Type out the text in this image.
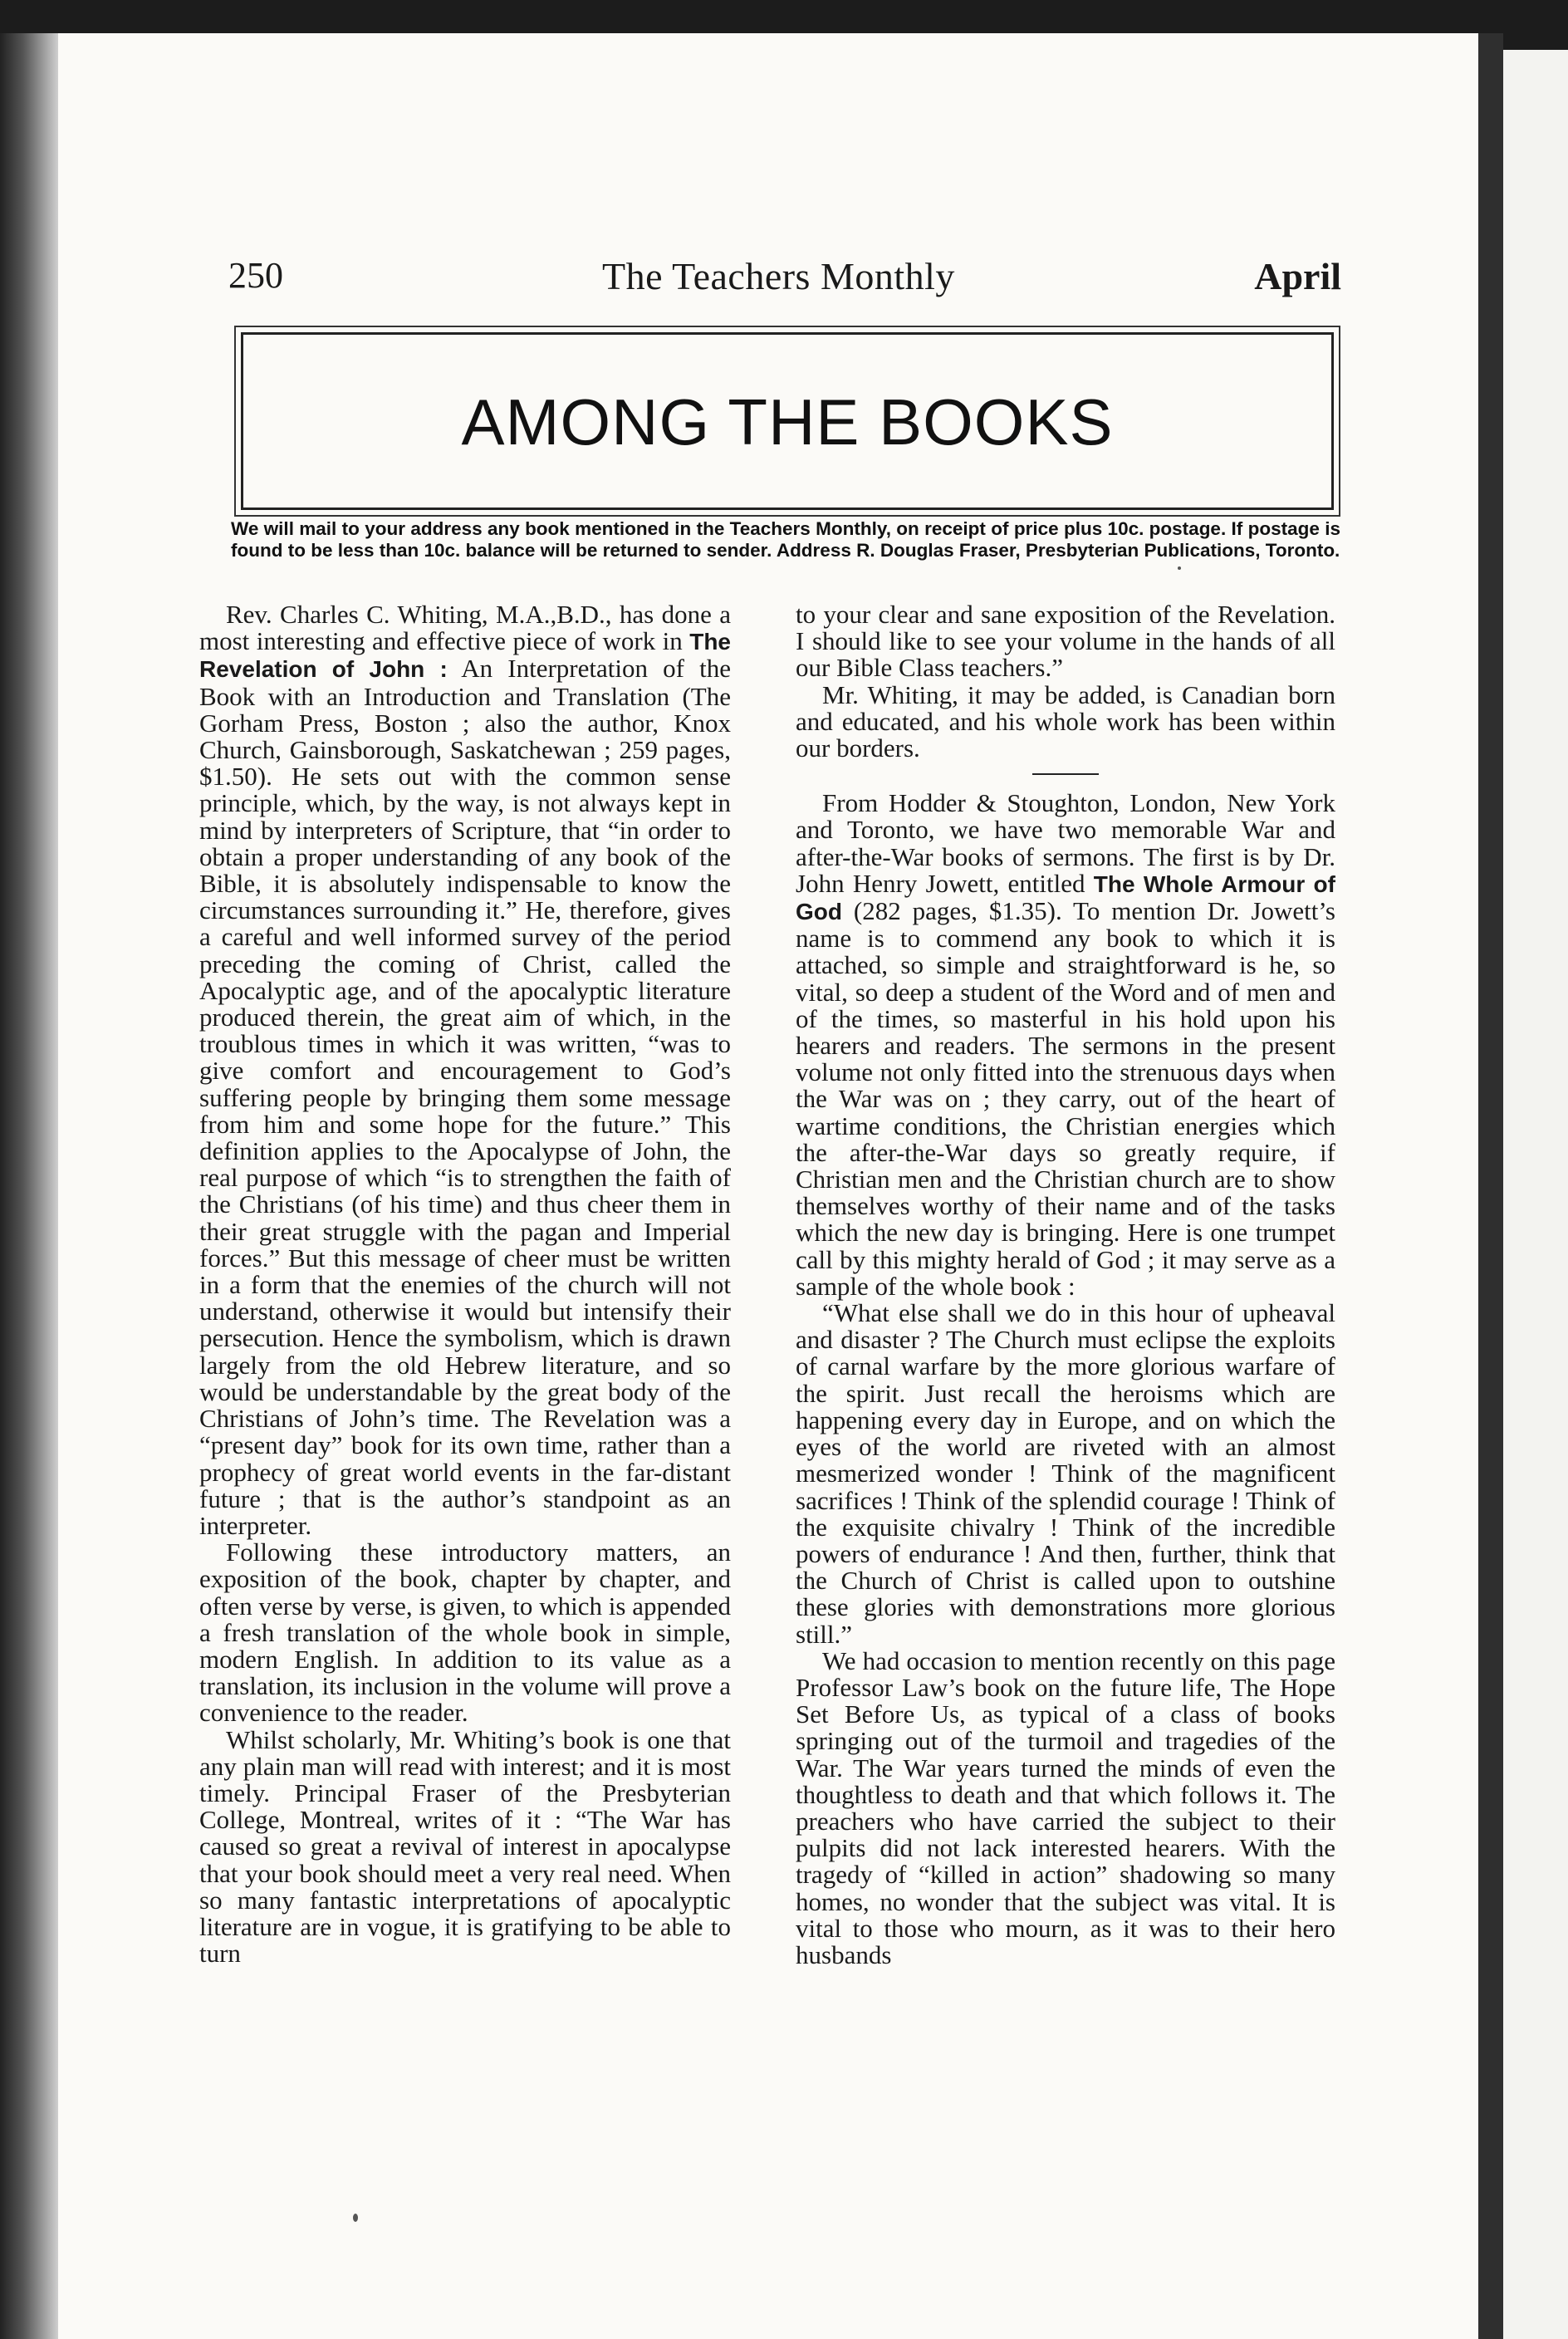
250	The Teachers Monthly	April
AMONG THE BOOKS
We will mail to your address any book mentioned in the Teachers Monthly, on receipt of price plus 10c. postage. If postage is found to be less than 10c. balance will be returned to sender. Address R. Douglas Fraser, Presbyterian Publications, Toronto.

Rev. Charles C. Whiting, M.A.,B.D., has done a most interesting and effective piece of work in The Revelation of John : An Interpretation of the Book with an Introduction and Translation (The Gorham Press, Boston ; also the author, Knox Church, Gainsborough, Saskatchewan ; 259 pages, $1.50). He sets out with the common sense principle, which, by the way, is not always kept in mind by interpreters of Scripture, that “in order to obtain a proper understanding of any book of the Bible, it is absolutely indispensable to know the circumstances surrounding it.” He, therefore, gives a careful and well informed survey of the period preceding the coming of Christ, called the Apocalyptic age, and of the apocalyptic literature produced therein, the great aim of which, in the troublous times in which it was written, “was to give comfort and encouragement to God’s suffering people by bringing them some message from him and some hope for the future.” This definition applies to the Apocalypse of John, the real purpose of which “is to strengthen the faith of the Christians (of his time) and thus cheer them in their great struggle with the pagan and Imperial forces.” But this message of cheer must be written in a form that the enemies of the church will not understand, otherwise it would but intensify their persecution. Hence the symbolism, which is drawn largely from the old Hebrew literature, and so would be understandable by the great body of the Christians of John’s time. The Revelation was a “present day” book for its own time, rather than a prophecy of great world events in the far-distant future ; that is the author’s standpoint as an interpreter.

Following these introductory matters, an exposition of the book, chapter by chapter, and often verse by verse, is given, to which is appended a fresh translation of the whole book in simple, modern English. In addition to its value as a translation, its inclusion in the volume will prove a convenience to the reader.

Whilst scholarly, Mr. Whiting’s book is one that any plain man will read with interest; and it is most timely. Principal Fraser of the Presbyterian College, Montreal, writes of it : “The War has caused so great a revival of interest in apocalypse that your book should meet a very real need. When so many fantastic interpretations of apocalyptic literature are in vogue, it is gratifying to be able to turn

to your clear and sane exposition of the Revelation. I should like to see your volume in the hands of all our Bible Class teachers.”

Mr. Whiting, it may be added, is Canadian born and educated, and his whole work has been within our borders.

From Hodder & Stoughton, London, New York and Toronto, we have two memorable War and after-the-War books of sermons. The first is by Dr. John Henry Jowett, entitled The Whole Armour of God (282 pages, $1.35). To mention Dr. Jowett’s name is to commend any book to which it is attached, so simple and straightforward is he, so vital, so deep a student of the Word and of men and of the times, so masterful in his hold upon his hearers and readers. The sermons in the present volume not only fitted into the strenuous days when the War was on ; they carry, out of the heart of wartime conditions, the Christian energies which the after-the-War days so greatly require, if Christian men and the Christian church are to show themselves worthy of their name and of the tasks which the new day is bringing. Here is one trumpet call by this mighty herald of God ; it may serve as a sample of the whole book :

“What else shall we do in this hour of upheaval and disaster ? The Church must eclipse the exploits of carnal warfare by the more glorious warfare of the spirit. Just recall the heroisms which are happening every day in Europe, and on which the eyes of the world are riveted with an almost mesmerized wonder ! Think of the magnificent sacrifices ! Think of the splendid courage ! Think of the exquisite chivalry ! Think of the incredible powers of endurance ! And then, further, think that the Church of Christ is called upon to outshine these glories with demonstrations more glorious still.”

We had occasion to mention recently on this page Professor Law’s book on the future life, The Hope Set Before Us, as typical of a class of books springing out of the turmoil and tragedies of the War. The War years turned the minds of even the thoughtless to death and that which follows it. The preachers who have carried the subject to their pulpits did not lack interested hearers. With the tragedy of “killed in action” shadowing so many homes, no wonder that the subject was vital. It is vital to those who mourn, as it was to their hero husbands
